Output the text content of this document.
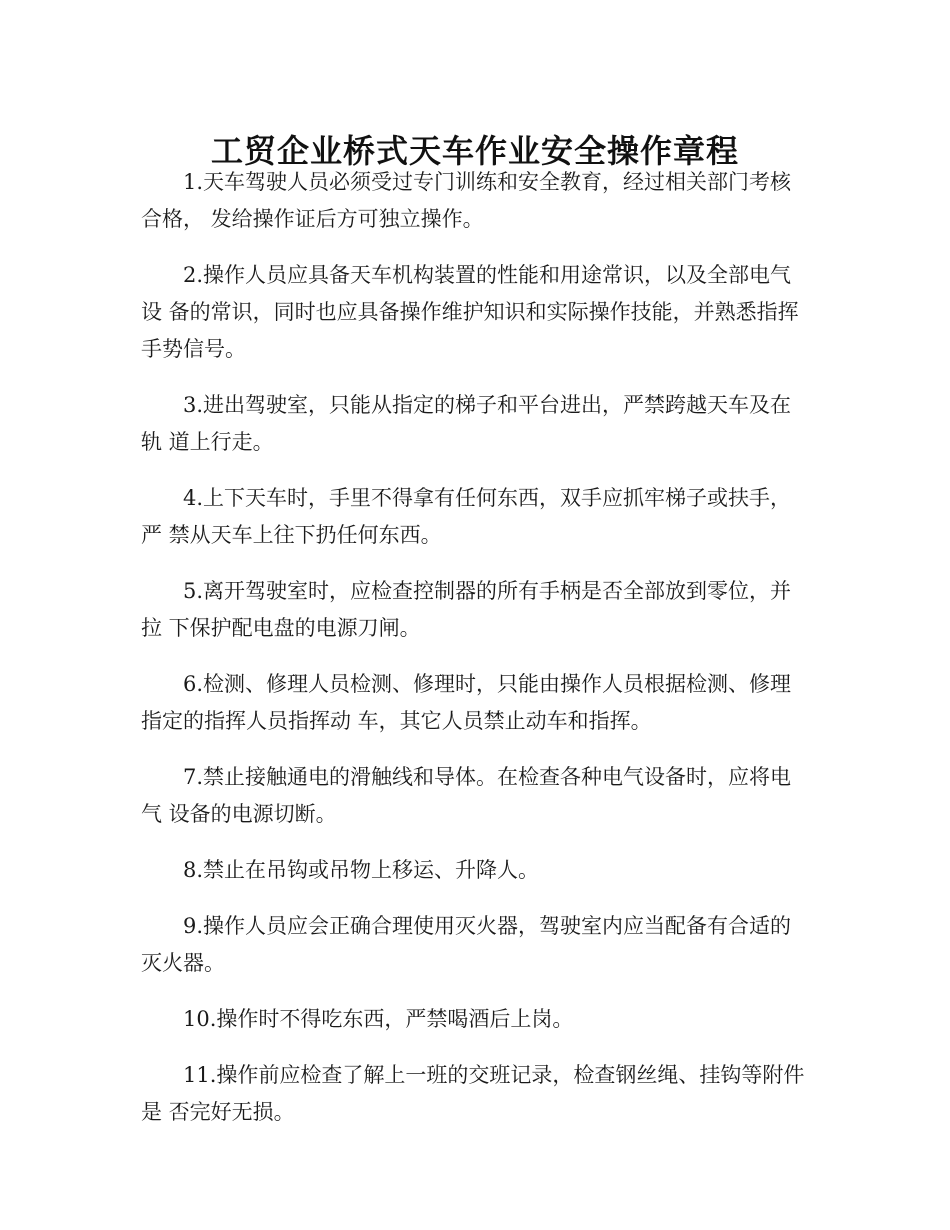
工贸企业桥式天车作业安全操作章程

1.天车驾驶人员必须受过专门训练和安全教育，经过相关部门考核合格， 发给操作证后方可独立操作。

2.操作人员应具备天车机构装置的性能和用途常识，以及全部电气设 备的常识，同时也应具备操作维护知识和实际操作技能，并熟悉指挥手势信号。

3.进出驾驶室，只能从指定的梯子和平台进出，严禁跨越天车及在轨 道上行走。

4.上下天车时，手里不得拿有任何东西，双手应抓牢梯子或扶手，严 禁从天车上往下扔任何东西。

5.离开驾驶室时，应检查控制器的所有手柄是否全部放到零位，并拉 下保护配电盘的电源刀闸。

6.检测、修理人员检测、修理时，只能由操作人员根据检测、修理指定的指挥人员指挥动 车，其它人员禁止动车和指挥。

7.禁止接触通电的滑触线和导体。在检查各种电气设备时，应将电气 设备的电源切断。

8.禁止在吊钩或吊物上移运、升降人。

9.操作人员应会正确合理使用灭火器，驾驶室内应当配备有合适的灭火器。

10.操作时不得吃东西，严禁喝酒后上岗。

11.操作前应检查了解上一班的交班记录，检查钢丝绳、挂钩等附件是 否完好无损。
